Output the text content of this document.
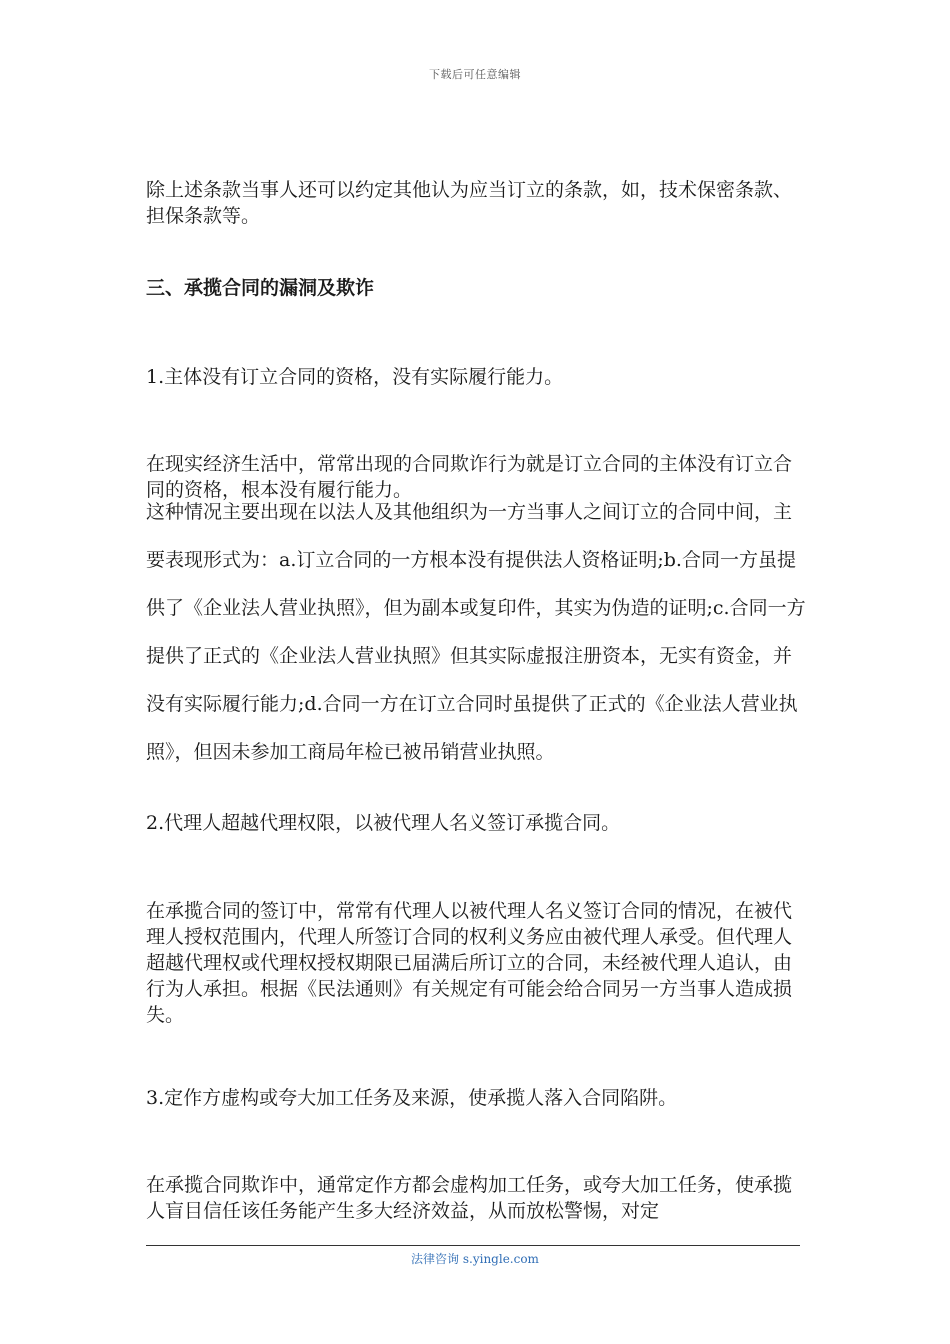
下载后可任意编辑

除上述条款当事人还可以约定其他认为应当订立的条款，如，技术保密条款、担保条款等。

三、承揽合同的漏洞及欺诈

1.主体没有订立合同的资格，没有实际履行能力。

在现实经济生活中，常常出现的合同欺诈行为就是订立合同的主体没有订立合同的资格，根本没有履行能力。

这种情况主要出现在以法人及其他组织为一方当事人之间订立的合同中间，主要表现形式为：a.订立合同的一方根本没有提供法人资格证明;b.合同一方虽提供了《企业法人营业执照》，但为副本或复印件，其实为伪造的证明;c.合同一方提供了正式的《企业法人营业执照》但其实际虚报注册资本，无实有资金，并没有实际履行能力;d.合同一方在订立合同时虽提供了正式的《企业法人营业执照》，但因未参加工商局年检已被吊销营业执照。

2.代理人超越代理权限，以被代理人名义签订承揽合同。

在承揽合同的签订中，常常有代理人以被代理人名义签订合同的情况，在被代理人授权范围内，代理人所签订合同的权利义务应由被代理人承受。但代理人超越代理权或代理权授权期限已届满后所订立的合同，未经被代理人追认，由行为人承担。根据《民法通则》有关规定有可能会给合同另一方当事人造成损失。

3.定作方虚构或夸大加工任务及来源，使承揽人落入合同陷阱。

在承揽合同欺诈中，通常定作方都会虚构加工任务，或夸大加工任务，使承揽人盲目信任该任务能产生多大经济效益，从而放松警惕，对定

法律咨询 s.yingle.com
